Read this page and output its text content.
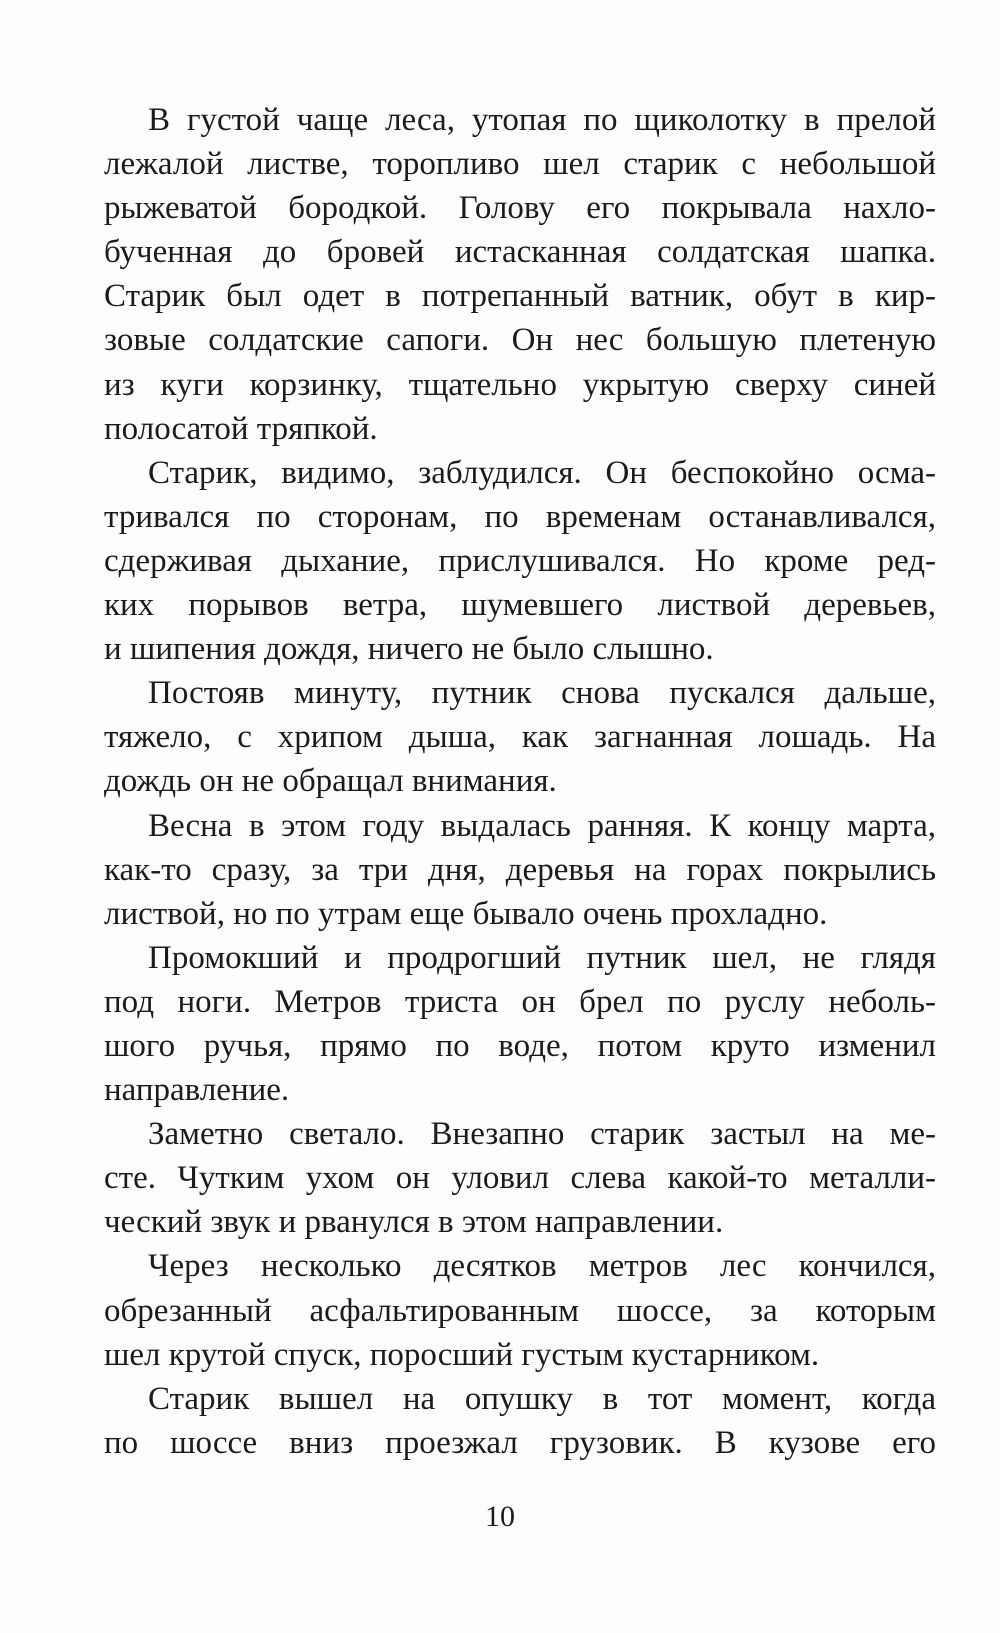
В густой чаще леса, утопая по щиколотку в прелой
лежалой листве, торопливо шел старик с небольшой
рыжеватой бородкой. Голову его покрывала нахло-
бученная до бровей истасканная солдатская шапка.
Старик был одет в потрепанный ватник, обут в кир-
зовые солдатские сапоги. Он нес большую плетеную
из куги корзинку, тщательно укрытую сверху синей
полосатой тряпкой.
Старик, видимо, заблудился. Он беспокойно осма-
тривался по сторонам, по временам останавливался,
сдерживая дыхание, прислушивался. Но кроме ред-
ких порывов ветра, шумевшего листвой деревьев,
и шипения дождя, ничего не было слышно.
Постояв минуту, путник снова пускался дальше,
тяжело, с хрипом дыша, как загнанная лошадь. На
дождь он не обращал внимания.
Весна в этом году выдалась ранняя. К концу марта,
как-то сразу, за три дня, деревья на горах покрылись
листвой, но по утрам еще бывало очень прохладно.
Промокший и продрогший путник шел, не глядя
под ноги. Метров триста он брел по руслу неболь-
шого ручья, прямо по воде, потом круто изменил
направление.
Заметно светало. Внезапно старик застыл на ме-
сте. Чутким ухом он уловил слева какой-то металли-
ческий звук и рванулся в этом направлении.
Через несколько десятков метров лес кончился,
обрезанный асфальтированным шоссе, за которым
шел крутой спуск, поросший густым кустарником.
Старик вышел на опушку в тот момент, когда
по шоссе вниз проезжал грузовик. В кузове его
10
